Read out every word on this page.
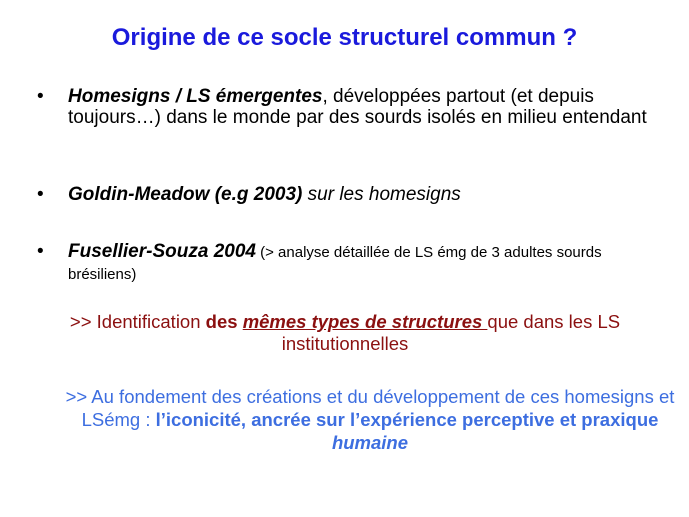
Origine de ce socle structurel commun ?
• Homesigns / LS émergentes, développées partout (et depuis toujours…) dans le monde par des sourds isolés en milieu entendant
• Goldin-Meadow (e.g 2003) sur les homesigns
• Fusellier-Souza 2004 (> analyse détaillée de LS émg de 3 adultes sourds brésiliens)
>> Identification des mêmes types de structures que dans les LS institutionnelles
>> Au fondement des créations et du développement de ces homesigns et LSémg : l’iconicité, ancrée sur l’expérience perceptive et praxique humaine
